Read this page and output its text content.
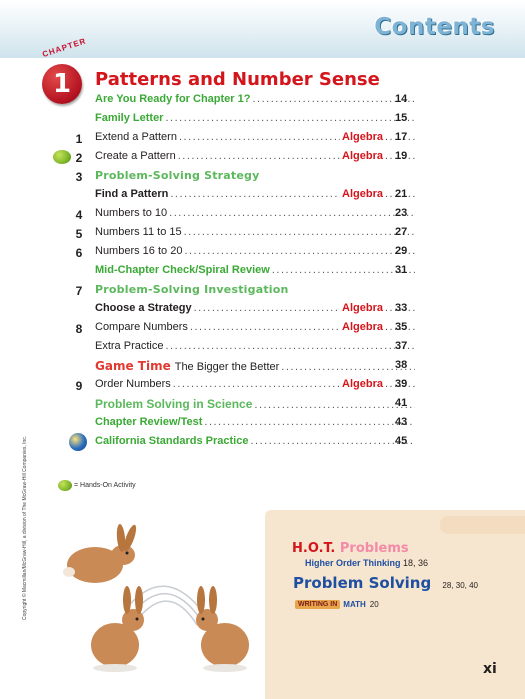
Contents
CHAPTER
1 Patterns and Number Sense
Are You Ready for Chapter 1? .....	14
Family Letter .....	15
1	Extend a Pattern .....	Algebra ..... 17
2	Create a Pattern .....	Algebra ..... 19
3	Problem-Solving Strategy
Find a Pattern .....	Algebra ..... 21
4	Numbers to 10 .....	23
5	Numbers 11 to 15 .....	27
6	Numbers 16 to 20 .....	29
Mid-Chapter Check/Spiral Review .....	31
7	Problem-Solving Investigation
Choose a Strategy .....	Algebra ..... 33
8	Compare Numbers .....	Algebra ..... 35
Extra Practice .....	37
Game Time The Bigger the Better .....	38
9	Order Numbers .....	Algebra ..... 39
Problem Solving in Science .....	41
Chapter Review/Test .....	43
California Standards Practice .....	45
= Hands-On Activity
Copyright © Macmillan/McGraw-Hill, a division of The McGraw-Hill Companies, Inc.	H.O.T. Problems
Higher Order Thinking 18, 36
Problem Solving 28, 30, 40
WRITING IN MATH 20
xi
